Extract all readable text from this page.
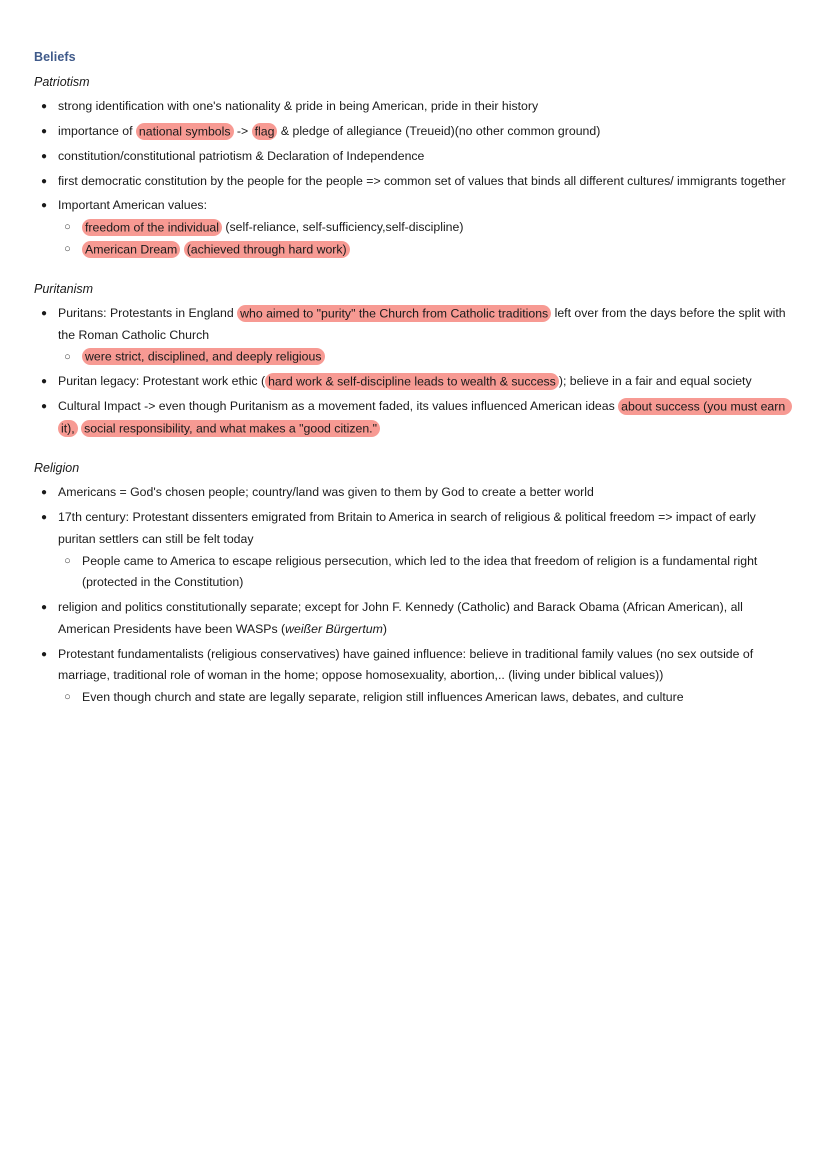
Beliefs
Patriotism
● strong identification with one's nationality & pride in being American, pride in their history
● importance of national symbols -> flag & pledge of allegiance (Treueid)(no other common ground)
● constitution/constitutional patriotism & Declaration of Independence
● first democratic constitution by the people for the people => common set of values that binds all different cultures/ immigrants together
● Important American values:
○ freedom of the individual (self-reliance, self-sufficiency,self-discipline)
○ American Dream (achieved through hard work)
Puritanism
● Puritans: Protestants in England who aimed to "purity" the Church from Catholic traditions left over from the days before the split with the Roman Catholic Church
○ were strict, disciplined, and deeply religious
● Puritan legacy: Protestant work ethic ( hard work & self-discipline leads to wealth & success ); believe in a fair and equal society
● Cultural Impact -> even though Puritanism as a movement faded, its values influenced American ideas about success (you must earn it), social responsibility, and what makes a "good citizen."
Religion
● Americans = God's chosen people; country/land was given to them by God to create a better world
● 17th century: Protestant dissenters emigrated from Britain to America in search of religious & political freedom => impact of early puritan settlers can still be felt today
○ People came to America to escape religious persecution, which led to the idea that freedom of religion is a fundamental right (protected in the Constitution)
● religion and politics constitutionally separate; except for John F. Kennedy (Catholic) and Barack Obama (African American), all American Presidents have been WASPs (weißer Bürgertum)
● Protestant fundamentalists (religious conservatives) have gained influence: believe in traditional family values (no sex outside of marriage, traditional role of woman in the home; oppose homosexuality, abortion,.. (living under biblical values))
○ Even though church and state are legally separate, religion still influences American laws, debates, and culture
